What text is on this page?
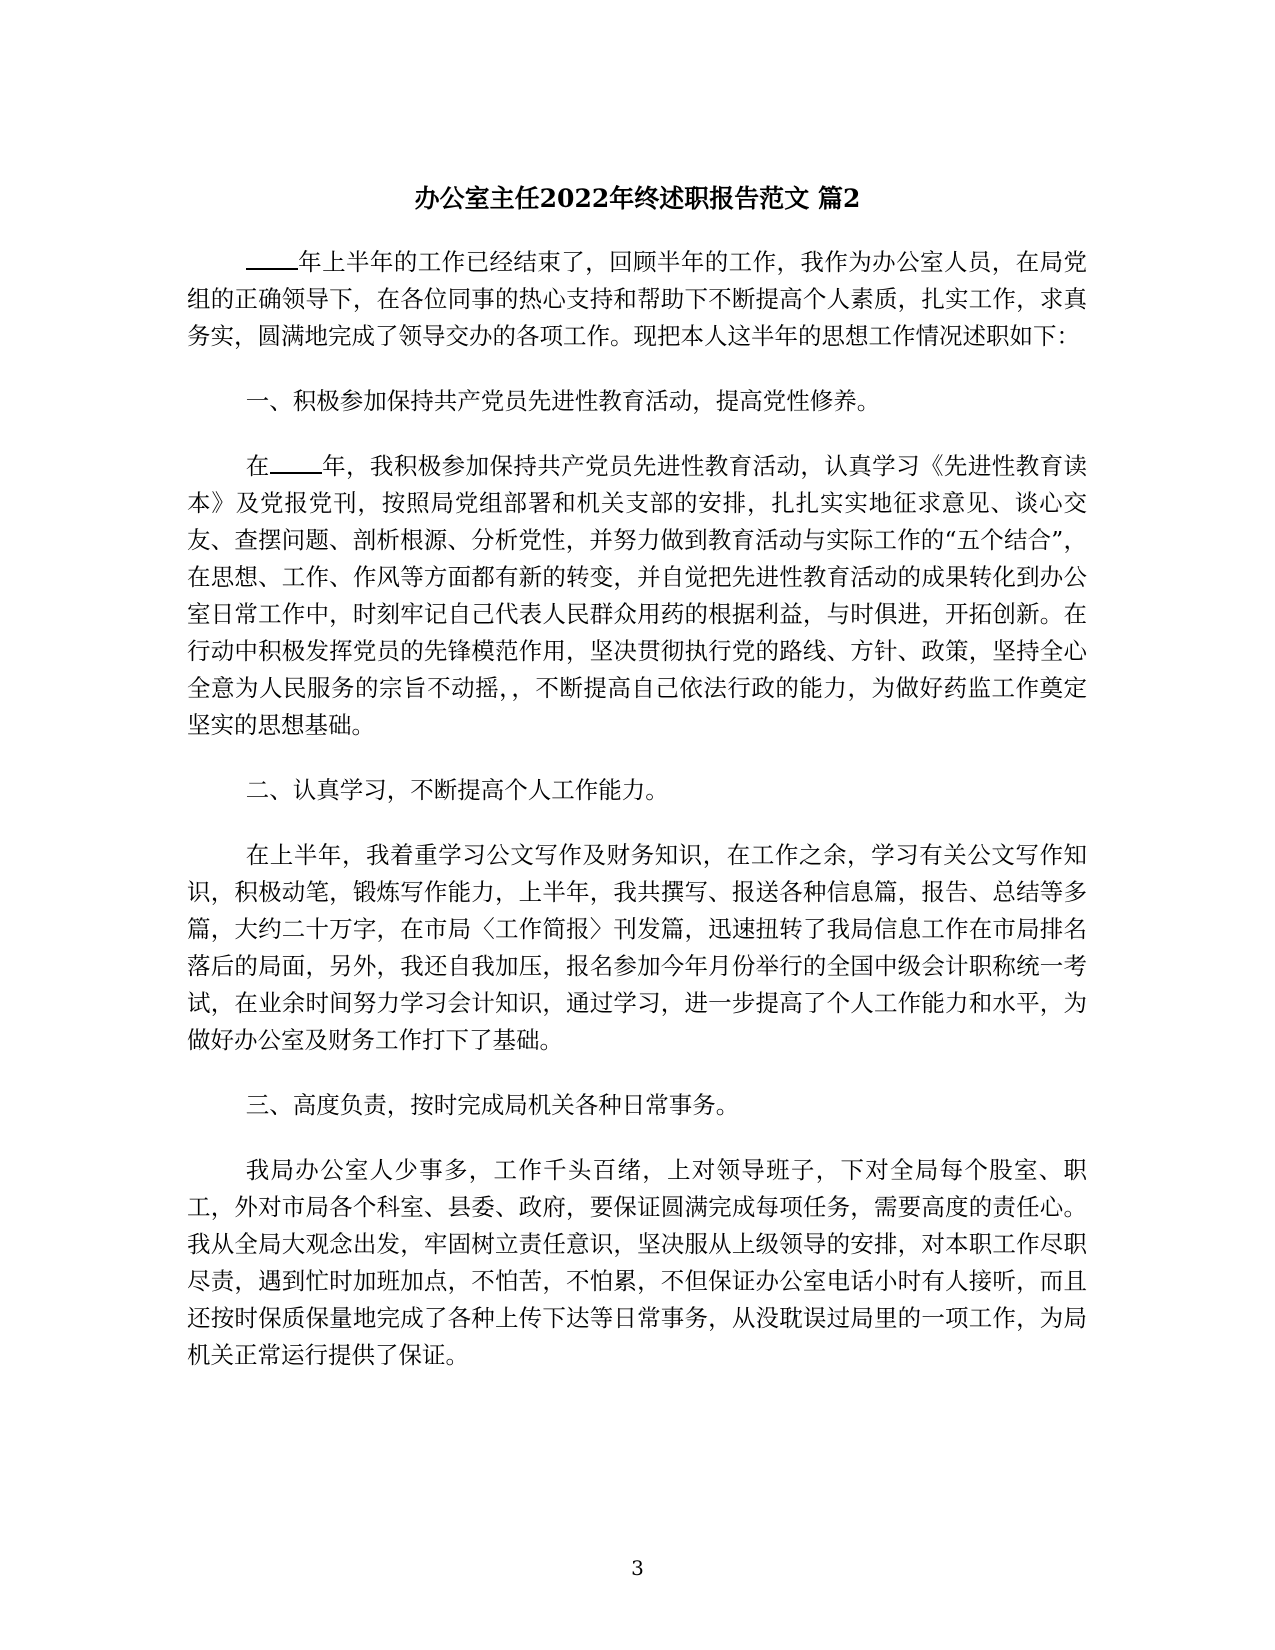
办公室主任2022年终述职报告范文 篇2

年上半年的工作已经结束了，回顾半年的工作，我作为办公室人员，在局党组的正确领导下，在各位同事的热心支持和帮助下不断提高个人素质，扎实工作，求真务实，圆满地完成了领导交办的各项工作。现把本人这半年的思想工作情况述职如下：

一、积极参加保持共产党员先进性教育活动，提高党性修养。

在 年，我积极参加保持共产党员先进性教育活动，认真学习《先进性教育读本》及党报党刊，按照局党组部署和机关支部的安排，扎扎实实地征求意见、谈心交友、查摆问题、剖析根源、分析党性，并努力做到教育活动与实际工作的“五个结合”，在思想、工作、作风等方面都有新的转变，并自觉把先进性教育活动的成果转化到办公室日常工作中，时刻牢记自己代表人民群众用药的根据利益，与时俱进，开拓创新。在行动中积极发挥党员的先锋模范作用，坚决贯彻执行党的路线、方针、政策，坚持全心全意为人民服务的宗旨不动摇，，不断提高自己依法行政的能力，为做好药监工作奠定坚实的思想基础。

二、认真学习，不断提高个人工作能力。

在上半年，我着重学习公文写作及财务知识，在工作之余，学习有关公文写作知识，积极动笔，锻炼写作能力，上半年，我共撰写、报送各种信息篇，报告、总结等多篇，大约二十万字，在市局〈工作简报〉刊发篇，迅速扭转了我局信息工作在市局排名落后的局面，另外，我还自我加压，报名参加今年月份举行的全国中级会计职称统一考试，在业余时间努力学习会计知识，通过学习，进一步提高了个人工作能力和水平，为做好办公室及财务工作打下了基础。

三、高度负责，按时完成局机关各种日常事务。

我局办公室人少事多，工作千头百绪，上对领导班子，下对全局每个股室、职工，外对市局各个科室、县委、政府，要保证圆满完成每项任务，需要高度的责任心。我从全局大观念出发，牢固树立责任意识，坚决服从上级领导的安排，对本职工作尽职尽责，遇到忙时加班加点，不怕苦，不怕累，不但保证办公室电话小时有人接听，而且还按时保质保量地完成了各种上传下达等日常事务，从没耽误过局里的一项工作，为局机关正常运行提供了保证。

3
